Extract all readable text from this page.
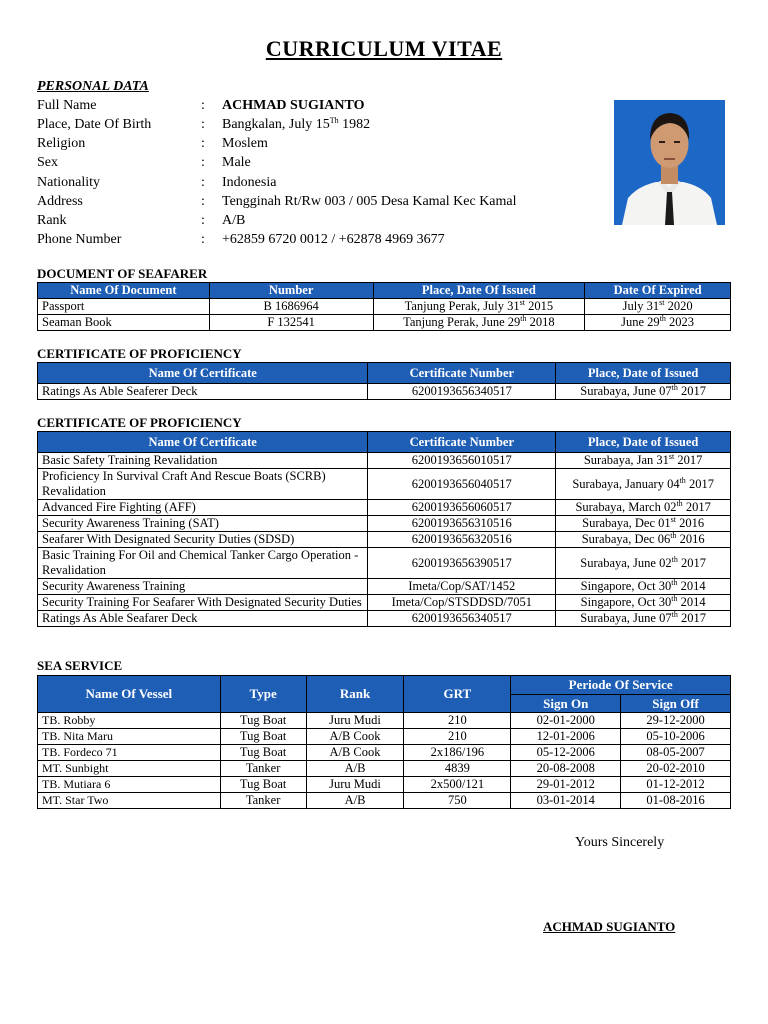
CURRICULUM VITAE
PERSONAL DATA
Full Name	: ACHMAD SUGIANTO
Place, Date Of Birth	: Bangkalan, July 15Th 1982
Religion	: Moslem
Sex	: Male
Nationality	: Indonesia
Address	: Tengginah Rt/Rw 003 / 005 Desa Kamal Kec Kamal
Rank	: A/B
Phone Number	: +62859 6720 0012 / +62878 4969 3677
DOCUMENT OF SEAFARER
Name Of Document	Number	Place, Date Of Issued	Date Of Expired
Passport	B 1686964	Tanjung Perak, July 31st 2015	July 31st 2020
Seaman Book	F 132541	Tanjung Perak, June 29th 2018	June 29th 2023
CERTIFICATE OF PROFICIENCY
Name Of Certificate	Certificate Number	Place, Date of Issued
Ratings As Able Seaferer Deck	6200193656340517	Surabaya, June 07th 2017
CERTIFICATE OF PROFICIENCY
Name Of Certificate	Certificate Number	Place, Date of Issued
Basic Safety Training Revalidation	6200193656010517	Surabaya, Jan 31st 2017
Proficiency In Survival Craft And Rescue Boats (SCRB) Revalidation	6200193656040517	Surabaya, January 04th 2017
Advanced Fire Fighting (AFF)	6200193656060517	Surabaya, March 02th 2017
Security Awareness Training (SAT)	6200193656310516	Surabaya, Dec 01st 2016
Seafarer With Designated Security Duties (SDSD)	6200193656320516	Surabaya, Dec 06th 2016
Basic Training For Oil and Chemical Tanker Cargo Operation - Revalidation	6200193656390517	Surabaya, June 02th 2017
Security Awareness Training	Imeta/Cop/SAT/1452	Singapore, Oct 30th 2014
Security Training For Seafarer With Designated Security Duties	Imeta/Cop/STSDDSD/7051	Singapore, Oct 30th 2014
Ratings As Able Seafarer Deck	6200193656340517	Surabaya, June 07th 2017
SEA SERVICE
Name Of Vessel	Type	Rank	GRT	Periode Of Service	
				Sign On	Sign Off
TB. Robby	Tug Boat	Juru Mudi	210	02-01-2000	29-12-2000
TB. Nita Maru	Tug Boat	A/B Cook	210	12-01-2006	05-10-2006
TB. Fordeco 71	Tug Boat	A/B Cook	2x186/196	05-12-2006	08-05-2007
MT. Sunbight	Tanker	A/B	4839	20-08-2008	20-02-2010
TB. Mutiara 6	Tug Boat	Juru Mudi	2x500/121	29-01-2012	01-12-2012
MT. Star Two	Tanker	A/B	750	03-01-2014	01-08-2016
Yours Sincerely
ACHMAD SUGIANTO
